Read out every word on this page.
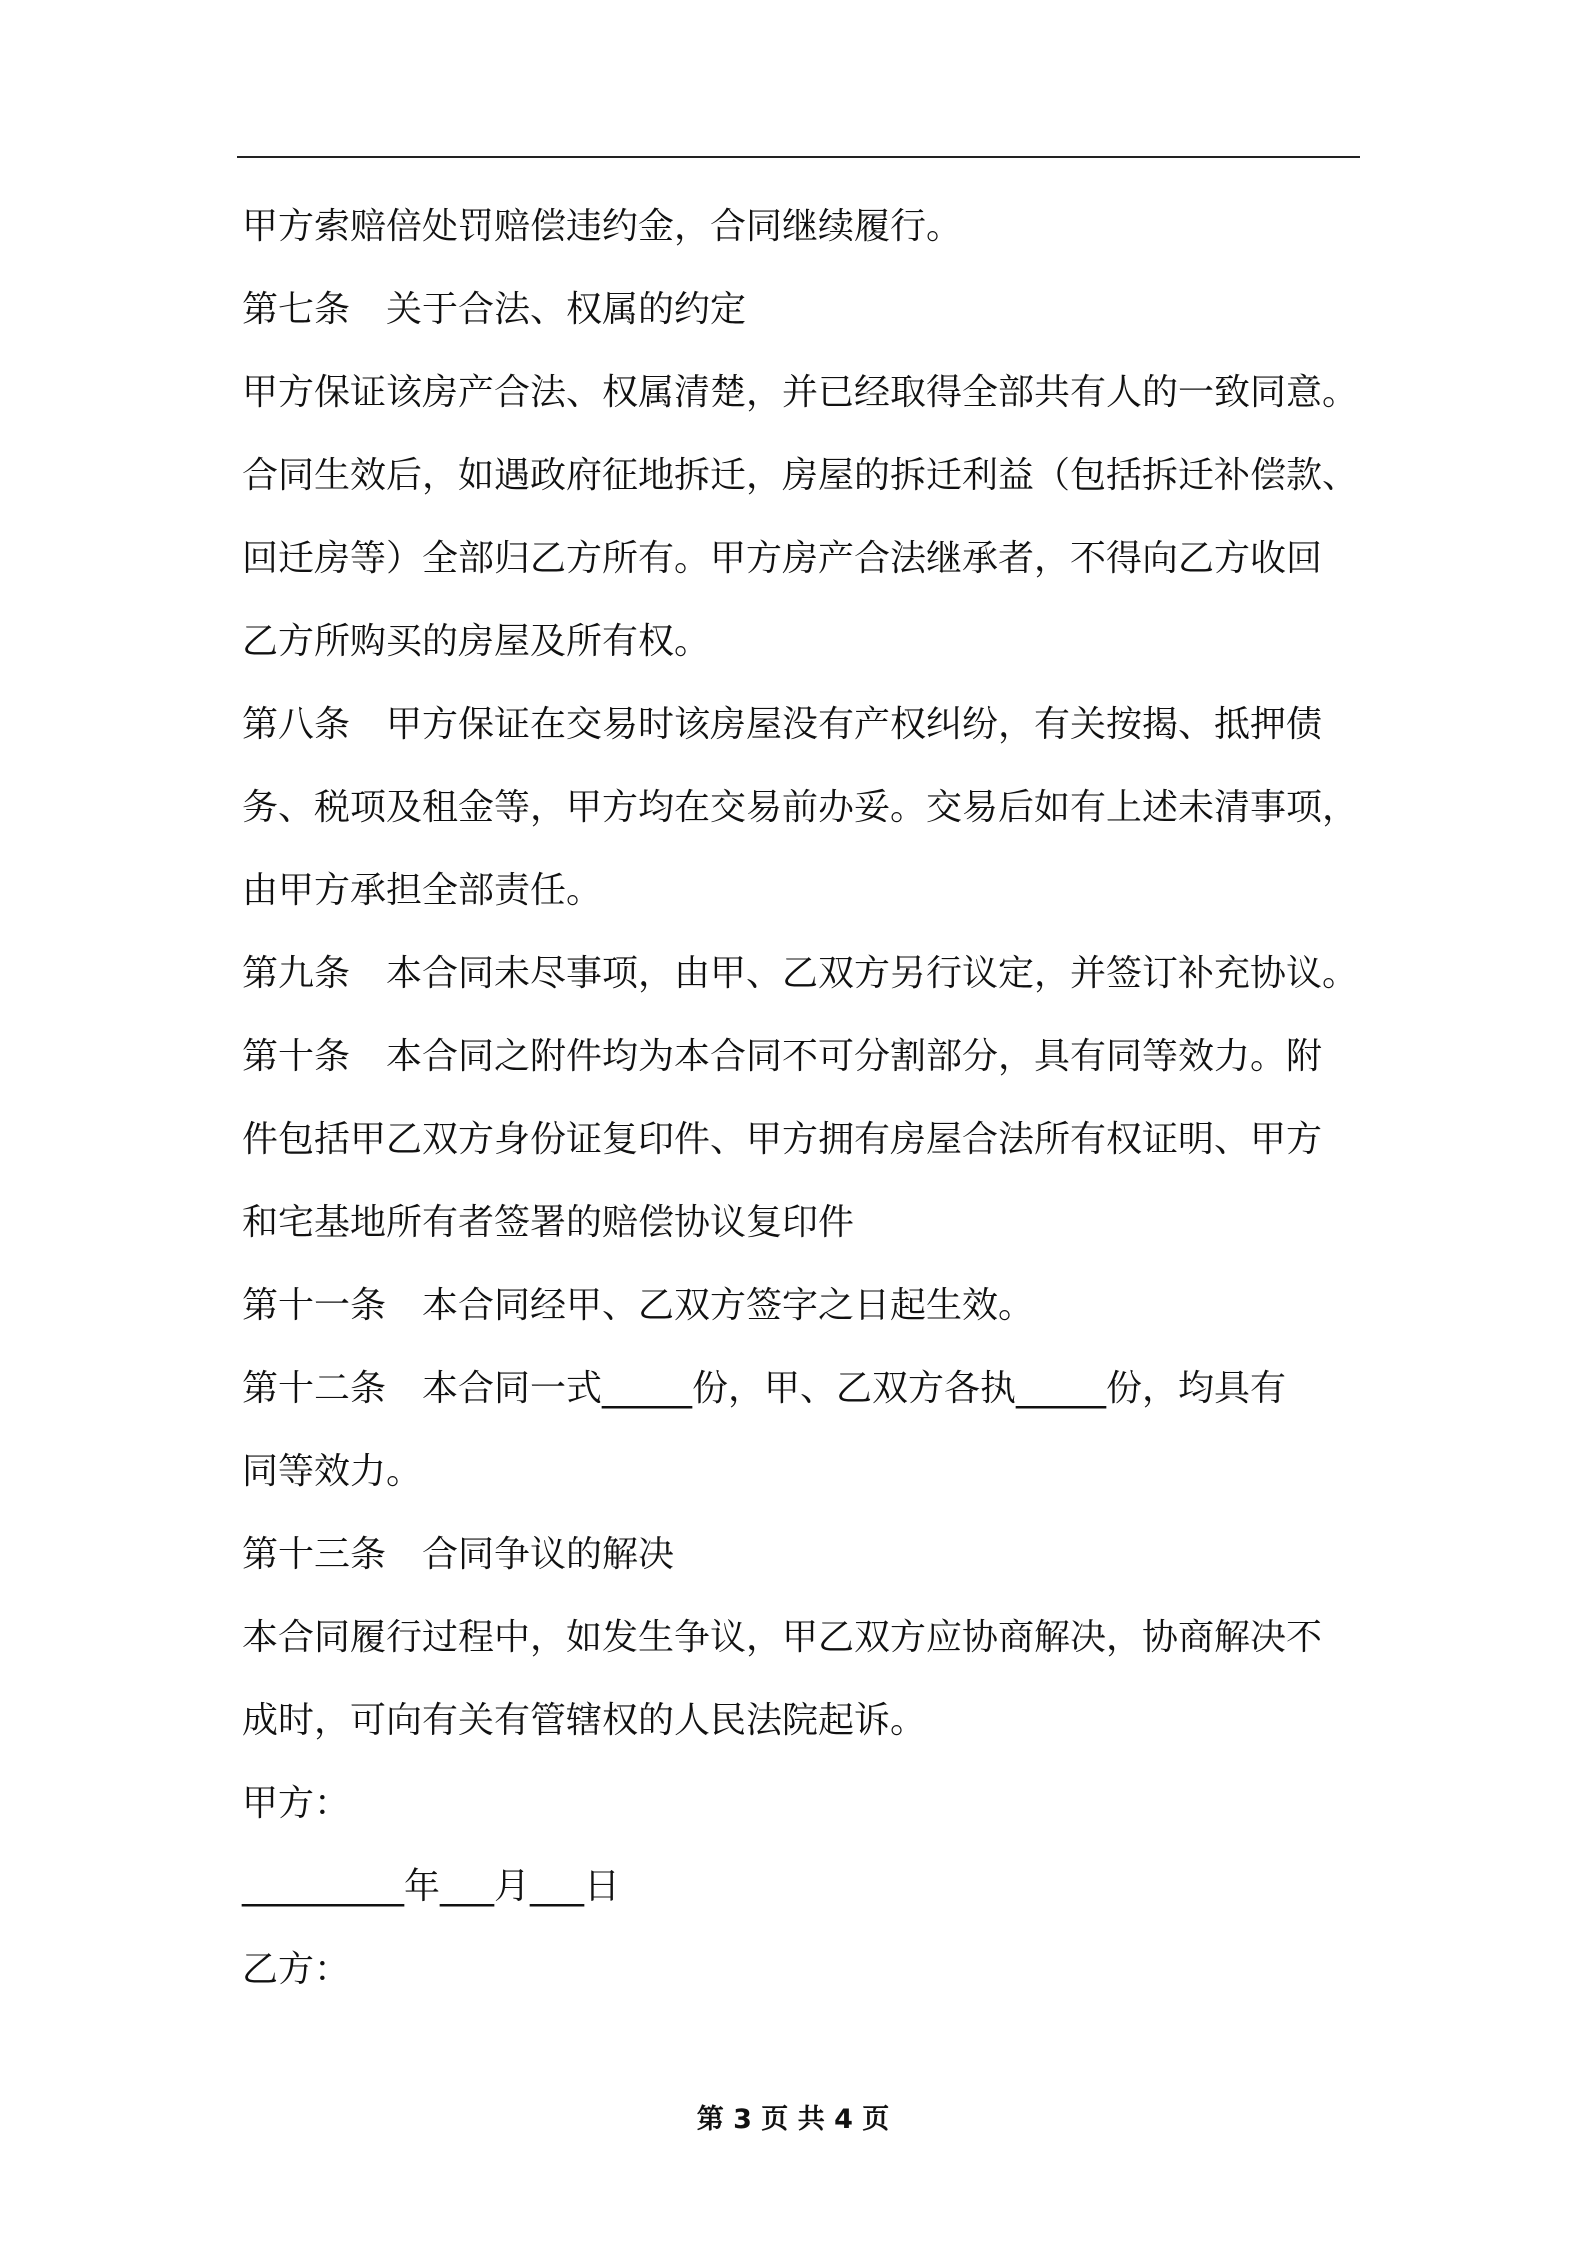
甲方索赔倍处罚赔偿违约金，合同继续履行。
第七条　关于合法、权属的约定
甲方保证该房产合法、权属清楚，并已经取得全部共有人的一致同意。
合同生效后，如遇政府征地拆迁，房屋的拆迁利益（包括拆迁补偿款、
回迁房等）全部归乙方所有。甲方房产合法继承者，不得向乙方收回
乙方所购买的房屋及所有权。
第八条　甲方保证在交易时该房屋没有产权纠纷，有关按揭、抵押债
务、税项及租金等，甲方均在交易前办妥。交易后如有上述未清事项，
由甲方承担全部责任。
第九条　本合同未尽事项，由甲、乙双方另行议定，并签订补充协议。
第十条　本合同之附件均为本合同不可分割部分，具有同等效力。附
件包括甲乙双方身份证复印件、甲方拥有房屋合法所有权证明、甲方
和宅基地所有者签署的赔偿协议复印件
第十一条　本合同经甲、乙双方签字之日起生效。
第十二条　本合同一式_____份，甲、乙双方各执_____份，均具有
同等效力。
第十三条　合同争议的解决
本合同履行过程中，如发生争议，甲乙双方应协商解决，协商解决不
成时，可向有关有管辖权的人民法院起诉。
甲方：
_________年___月___日
乙方：
第 3 页 共 4 页
